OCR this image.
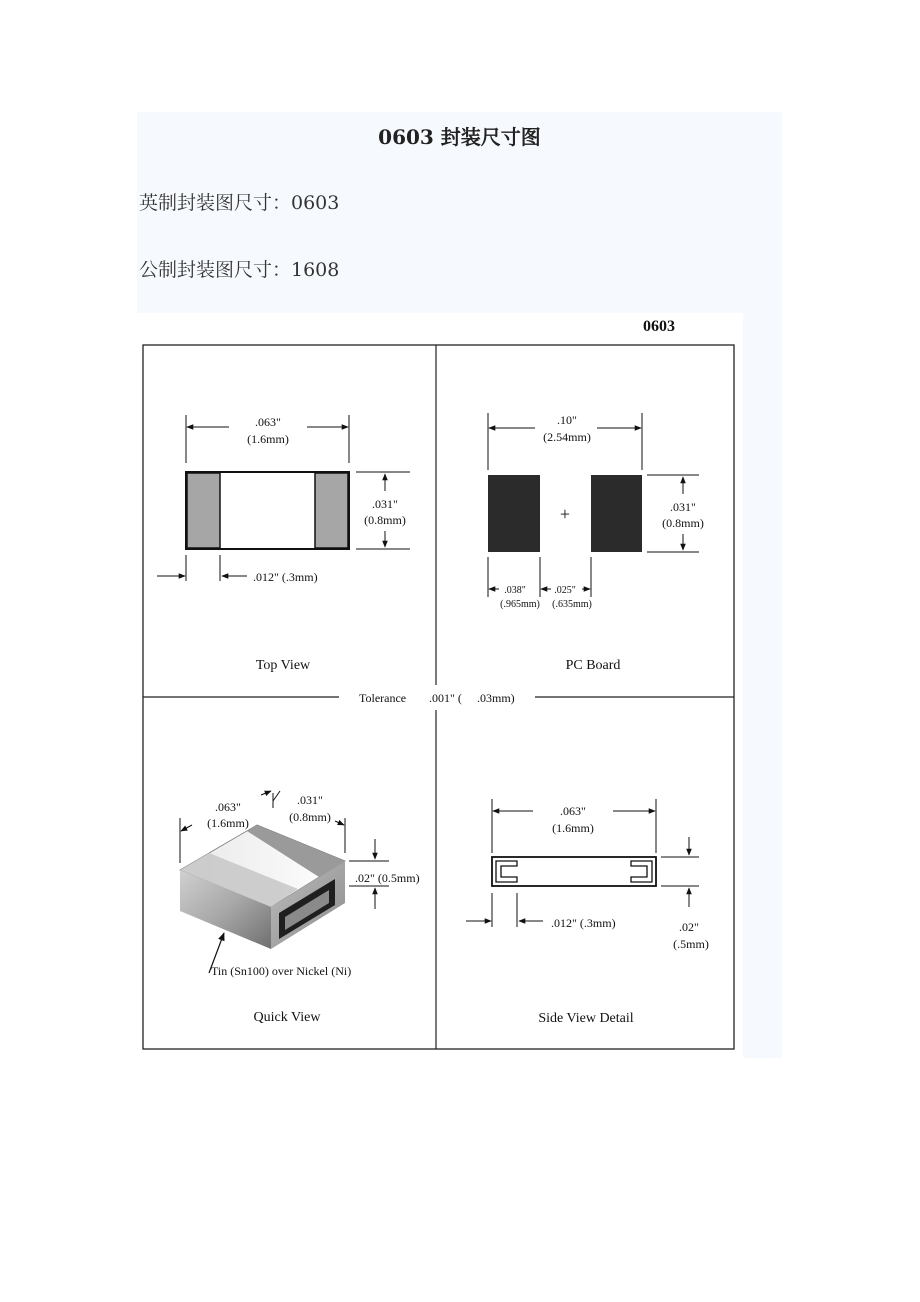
0603 封装尺寸图
英制封装图尺寸：0603
公制封装图尺寸：1608
0603
Tolerance .001" ( .03mm)
.063"
(1.6mm)
.031"
(0.8mm)
.012" (.3mm)
Top View
.10"
(2.54mm)
+	.031"
(0.8mm)
.038"
(.965mm)
.025"
(.635mm)
PC Board
.063"
(1.6mm)
.031"
(0.8mm)
.02" (0.5mm)
Tin (Sn100) over Nickel (Ni)
Quick View
.063"
(1.6mm)
.02"
(.5mm)
.012" (.3mm)
Side View Detail
